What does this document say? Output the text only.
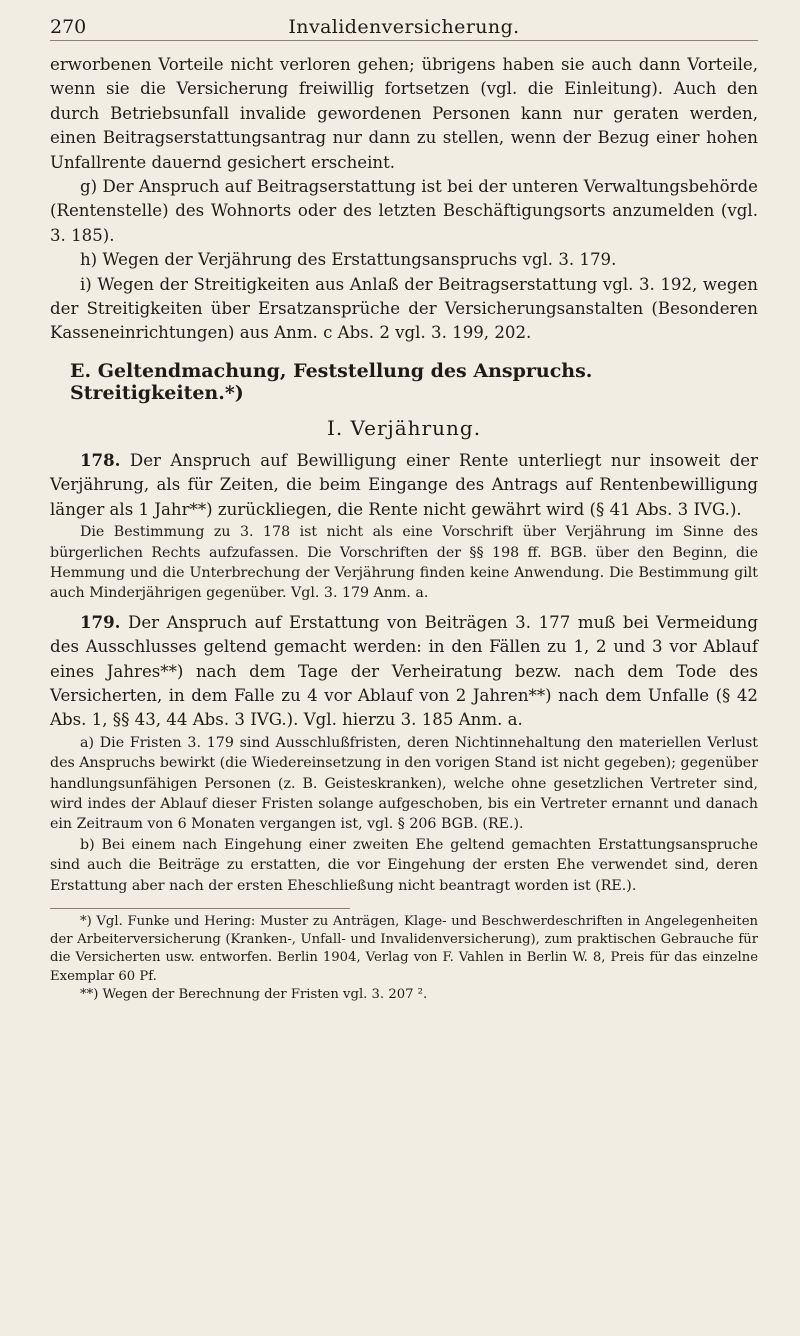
270	Invalidenversicherung.

erworbenen Vorteile nicht verloren gehen; übrigens haben sie auch dann Vorteile, wenn sie die Versicherung freiwillig fortsetzen (vgl. die Einleitung). Auch den durch Betriebsunfall invalide gewordenen Personen kann nur geraten werden, einen Beitragserstattungsantrag nur dann zu stellen, wenn der Bezug einer hohen Unfallrente dauernd gesichert erscheint.

g) Der Anspruch auf Beitragserstattung ist bei der unteren Verwaltungsbehörde (Rentenstelle) des Wohnorts oder des letzten Beschäftigungsorts anzumelden (vgl. 3. 185).

h) Wegen der Verjährung des Erstattungsanspruchs vgl. 3. 179.

i) Wegen der Streitigkeiten aus Anlaß der Beitragserstattung vgl. 3. 192, wegen der Streitigkeiten über Ersatzansprüche der Versicherungsanstalten (Besonderen Kasseneinrichtungen) aus Anm. c Abs. 2 vgl. 3. 199, 202.

E. Geltendmachung, Feststellung des Anspruchs. Streitigkeiten.*)
I. Verjährung.

178. Der Anspruch auf Bewilligung einer Rente unterliegt nur insoweit der Verjährung, als für Zeiten, die beim Eingange des Antrags auf Rentenbewilligung länger als 1 Jahr**) zurückliegen, die Rente nicht gewährt wird (§ 41 Abs. 3 IVG.).

Die Bestimmung zu 3. 178 ist nicht als eine Vorschrift über Verjährung im Sinne des bürgerlichen Rechts aufzufassen. Die Vorschriften der §§ 198 ff. BGB. über den Beginn, die Hemmung und die Unterbrechung der Verjährung finden keine Anwendung. Die Bestimmung gilt auch Minderjährigen gegenüber. Vgl. 3. 179 Anm. a.

179. Der Anspruch auf Erstattung von Beiträgen 3. 177 muß bei Vermeidung des Ausschlusses geltend gemacht werden: in den Fällen zu 1, 2 und 3 vor Ablauf eines Jahres**) nach dem Tage der Verheiratung bezw. nach dem Tode des Versicherten, in dem Falle zu 4 vor Ablauf von 2 Jahren**) nach dem Unfalle (§ 42 Abs. 1, §§ 43, 44 Abs. 3 IVG.). Vgl. hierzu 3. 185 Anm. a.

a) Die Fristen 3. 179 sind Ausschlußfristen, deren Nichtinnehaltung den materiellen Verlust des Anspruchs bewirkt (die Wiedereinsetzung in den vorigen Stand ist nicht gegeben); gegenüber handlungsunfähigen Personen (z. B. Geisteskranken), welche ohne gesetzlichen Vertreter sind, wird indes der Ablauf dieser Fristen solange aufgeschoben, bis ein Vertreter ernannt und danach ein Zeitraum von 6 Monaten vergangen ist, vgl. § 206 BGB. (RE.).

b) Bei einem nach Eingehung einer zweiten Ehe geltend gemachten Erstattungsanspruche sind auch die Beiträge zu erstatten, die vor Eingehung der ersten Ehe verwendet sind, deren Erstattung aber nach der ersten Eheschließung nicht beantragt worden ist (RE.).

*) Vgl. Funke und Hering: Muster zu Anträgen, Klage- und Beschwerdeschriften in Angelegenheiten der Arbeiterversicherung (Kranken-, Unfall- und Invalidenversicherung), zum praktischen Gebrauche für die Versicherten usw. entworfen. Berlin 1904, Verlag von F. Vahlen in Berlin W. 8, Preis für das einzelne Exemplar 60 Pf.

**) Wegen der Berechnung der Fristen vgl. 3. 207 ².
